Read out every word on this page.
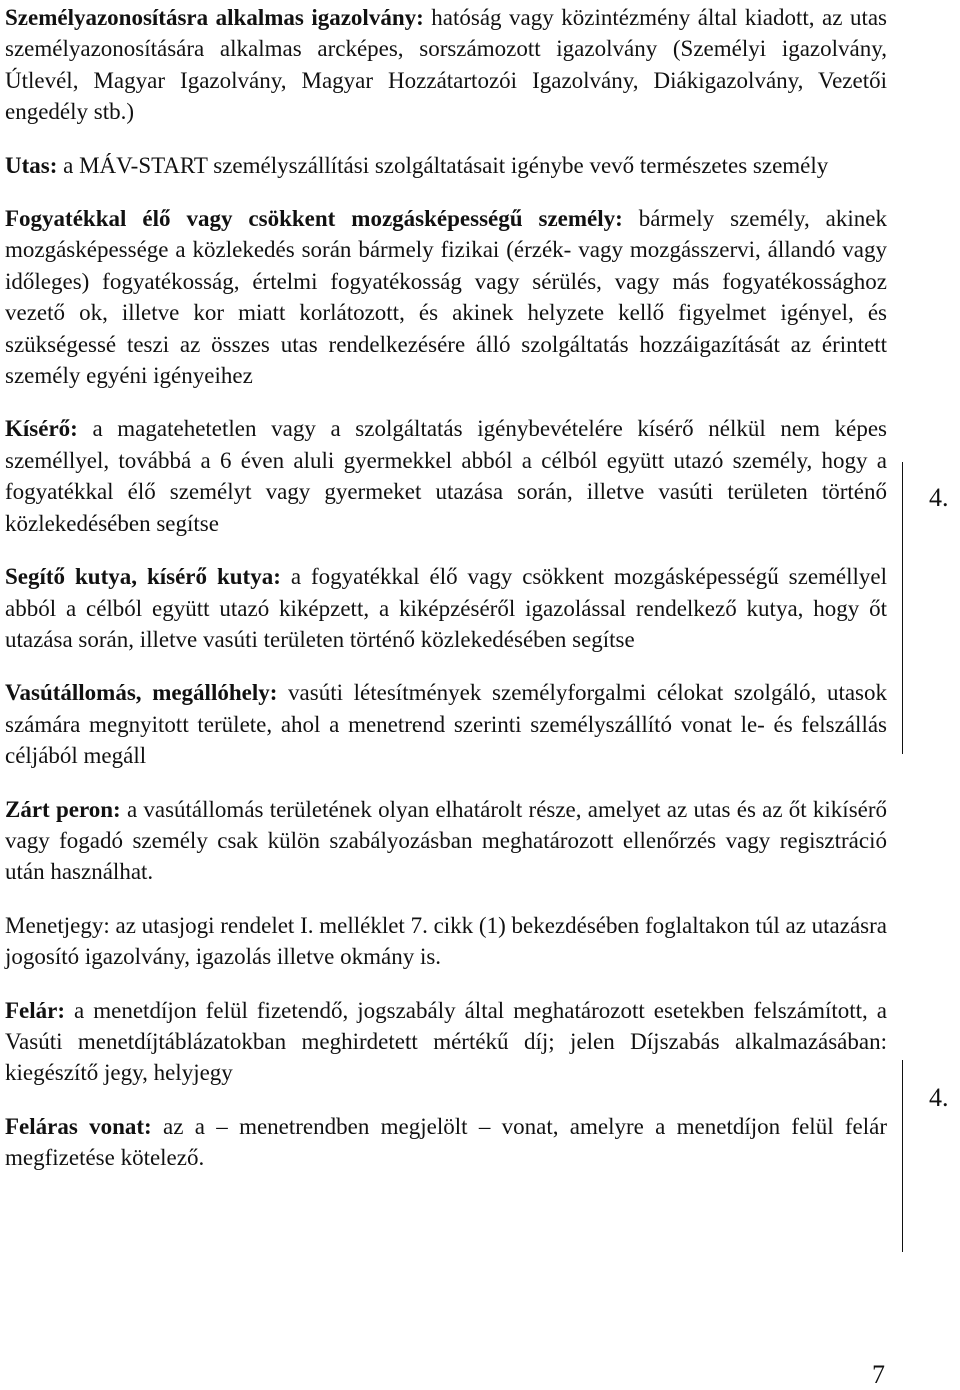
Személyazonosításra alkalmas igazolvány: hatóság vagy közintézmény által kiadott, az utas személyazonosítására alkalmas arcképes, sorszámozott igazolvány (Személyi igazolvány, Útlevél, Magyar Igazolvány, Magyar Hozzátartozói Igazolvány, Diákigazolvány, Vezetői engedély stb.)

Utas: a MÁV-START személyszállítási szolgáltatásait igénybe vevő természetes személy

Fogyatékkal élő vagy csökkent mozgásképességű személy: bármely személy, akinek mozgásképessége a közlekedés során bármely fizikai (érzék- vagy mozgásszervi, állandó vagy időleges) fogyatékosság, értelmi fogyatékosság vagy sérülés, vagy más fogyatékossághoz vezető ok, illetve kor miatt korlátozott, és akinek helyzete kellő figyelmet igényel, és szükségessé teszi az összes utas rendelkezésére álló szolgáltatás hozzáigazítását az érintett személy egyéni igényeihez

Kísérő: a magatehetetlen vagy a szolgáltatás igénybevételére kísérő nélkül nem képes személlyel, továbbá a 6 éven aluli gyermekkel abból a célból együtt utazó személy, hogy a fogyatékkal élő személyt vagy gyermeket utazása során, illetve vasúti területen történő közlekedésében segítse

Segítő kutya, kísérő kutya: a fogyatékkal élő vagy csökkent mozgásképességű személlyel abból a célból együtt utazó kiképzett, a kiképzéséről igazolással rendelkező kutya, hogy őt utazása során, illetve vasúti területen történő közlekedésében segítse

Vasútállomás, megállóhely: vasúti létesítmények személyforgalmi célokat szolgáló, utasok számára megnyitott területe, ahol a menetrend szerinti személyszállító vonat le- és felszállás céljából megáll

Zárt peron: a vasútállomás területének olyan elhatárolt része, amelyet az utas és az őt kikísérő vagy fogadó személy csak külön szabályozásban meghatározott ellenőrzés vagy regisztráció után használhat.

Menetjegy: az utasjogi rendelet I. melléklet 7. cikk (1) bekezdésében foglaltakon túl az utazásra jogosító igazolvány, igazolás illetve okmány is.

Felár: a menetdíjon felül fizetendő, jogszabály által meghatározott esetekben felszámított, a Vasúti menetdíjtáblázatokban meghirdetett mértékű díj; jelen Díjszabás alkalmazásában: kiegészítő jegy, helyjegy

Feláras vonat: az a – menetrendben megjelölt – vonat, amelyre a menetdíjon felül felár megfizetése kötelező.

4.
4.
7
